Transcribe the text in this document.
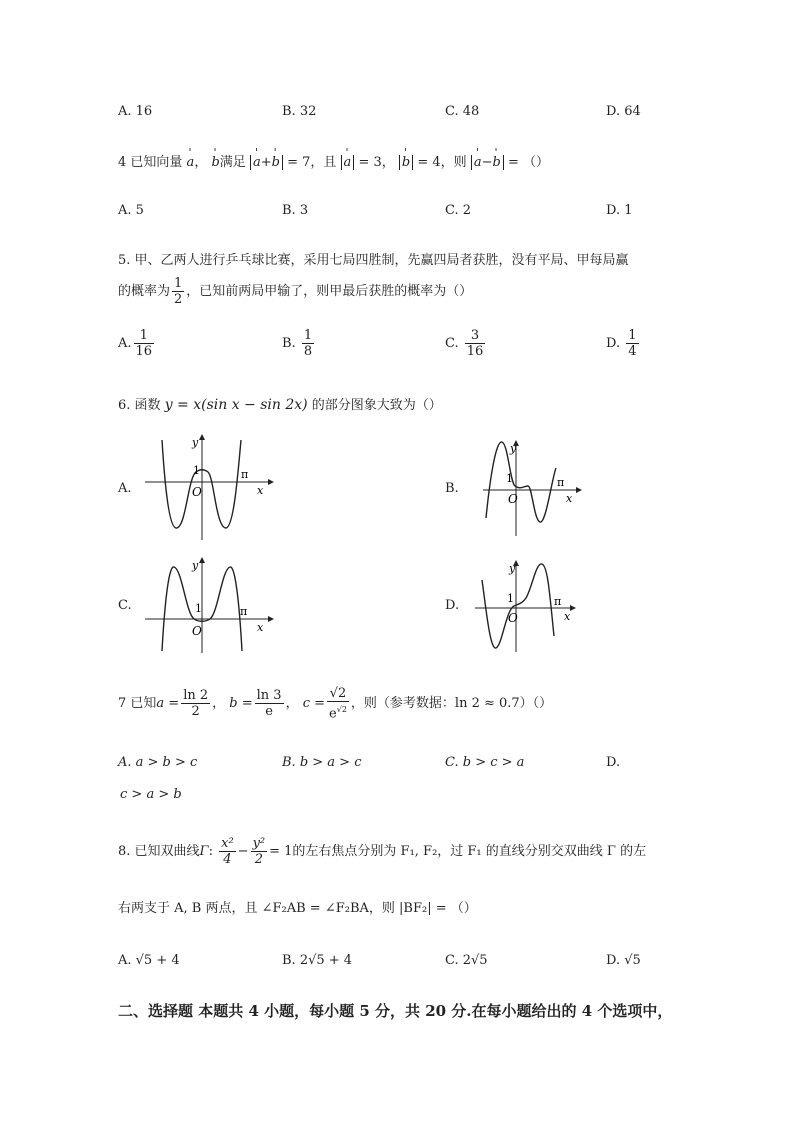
A. 16	B. 32	C. 48	D. 64
4 已知向量 ' a， ' b满足 ' a+' b = 7，且 ' a = 3， ' b = 4，则 ' a−' b = （）
A. 5	B. 3	C. 2	D. 1
5. 甲、乙两人进行乒乓球比赛，采用七局四胜制，先赢四局者获胜，没有平局、甲每局赢
的概率为 $\frac{1}{2}$ ，已知前两局甲输了，则甲最后获胜的概率为（）
A. $\frac{1}{16}$	B. $\frac{1}{8}$	C. $\frac{3}{16}$	D. $\frac{1}{4}$
6. 函数 y = x(sin x − sin 2x) 的部分图象大致为（）
A.	B.
C.	D.
y
1
O
π
x
y
1
O
π
x
y
1
O
π
x
y
1
O
π
x
7 已知$a = \frac{\ln 2}{2}$ ， $b = \frac{\ln 3}{e}$ ， $c = \frac{√2}{e^{√2}}$ ，则（参考数据：ln 2 ≈ 0.7）（）
A. a > b > c	B. b > a > c	C. b > c > a	D.
c > a > b
8. 已知双曲线Γ: $\frac{\text{x²}}{4} - \frac{\text{y²}}{2} = 1$的左右焦点分别为 F₁, F₂，过 F₁ 的直线分别交双曲线 Γ 的左
右两支于 A, B 两点，且 ∠F₂AB = ∠F₂BA，则 |BF₂| = （）
A. √5 + 4	B. 2√5 + 4	C. 2√5	D. √5
二、选择题 本题共 4 小题，每小题 5 分，共 20 分.在每小题给出的 4 个选项中，
